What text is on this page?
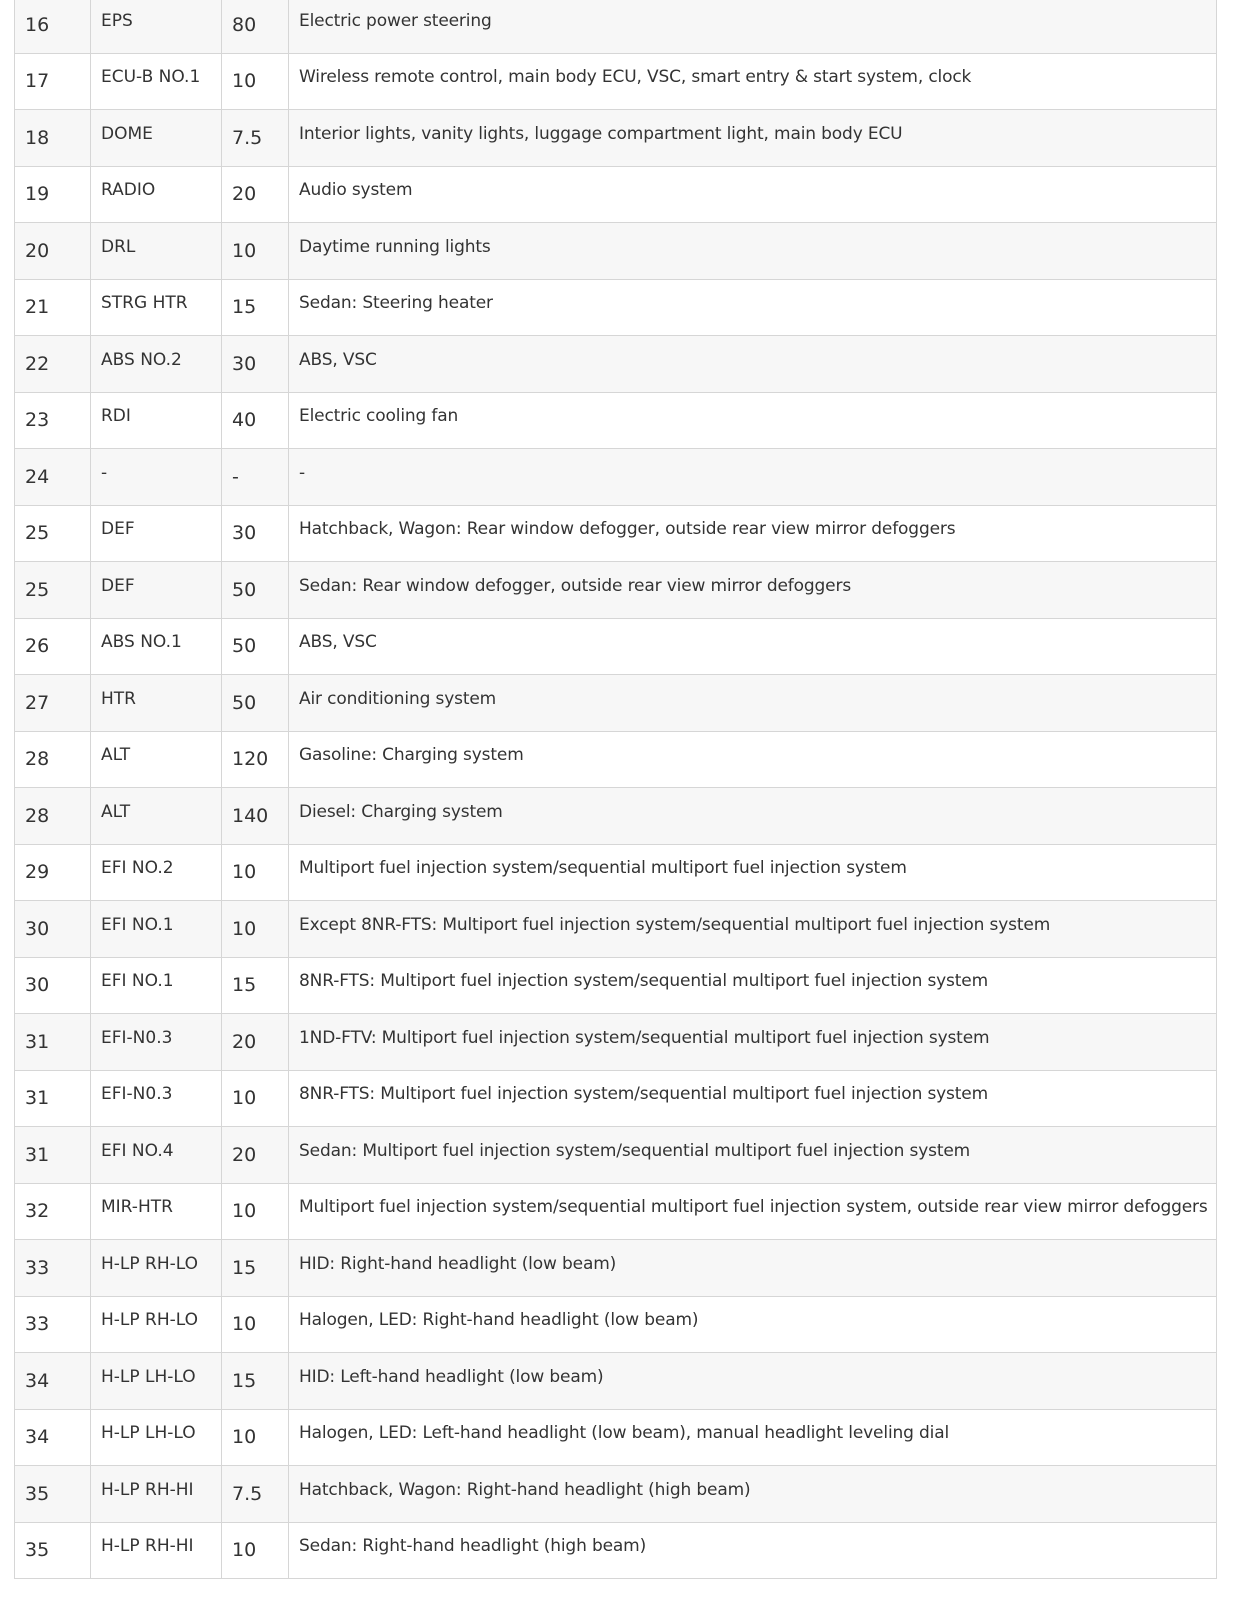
16	EPS	80	Electric power steering
17	ECU-B NO.1	10	Wireless remote control, main body ECU, VSC, smart entry & start system, clock
18	DOME	7.5	Interior lights, vanity lights, luggage compartment light, main body ECU
19	RADIO	20	Audio system
20	DRL	10	Daytime running lights
21	STRG HTR	15	Sedan: Steering heater
22	ABS NO.2	30	ABS, VSC
23	RDI	40	Electric cooling fan
24	-	-	-
25	DEF	30	Hatchback, Wagon: Rear window defogger, outside rear view mirror defoggers
25	DEF	50	Sedan: Rear window defogger, outside rear view mirror defoggers
26	ABS NO.1	50	ABS, VSC
27	HTR	50	Air conditioning system
28	ALT	120	Gasoline: Charging system
28	ALT	140	Diesel: Charging system
29	EFI NO.2	10	Multiport fuel injection system/sequential multiport fuel injection system
30	EFI NO.1	10	Except 8NR-FTS: Multiport fuel injection system/sequential multiport fuel injection system
30	EFI NO.1	15	8NR-FTS: Multiport fuel injection system/sequential multiport fuel injection system
31	EFI-N0.3	20	1ND-FTV: Multiport fuel injection system/sequential multiport fuel injection system
31	EFI-N0.3	10	8NR-FTS: Multiport fuel injection system/sequential multiport fuel injection system
31	EFI NO.4	20	Sedan: Multiport fuel injection system/sequential multiport fuel injection system
32	MIR-HTR	10	Multiport fuel injection system/sequential multiport fuel injection system, outside rear view mirror defoggers
33	H-LP RH-LO	15	HID: Right-hand headlight (low beam)
33	H-LP RH-LO	10	Halogen, LED: Right-hand headlight (low beam)
34	H-LP LH-LO	15	HID: Left-hand headlight (low beam)
34	H-LP LH-LO	10	Halogen, LED: Left-hand headlight (low beam), manual headlight leveling dial
35	H-LP RH-HI	7.5	Hatchback, Wagon: Right-hand headlight (high beam)
35	H-LP RH-HI	10	Sedan: Right-hand headlight (high beam)
